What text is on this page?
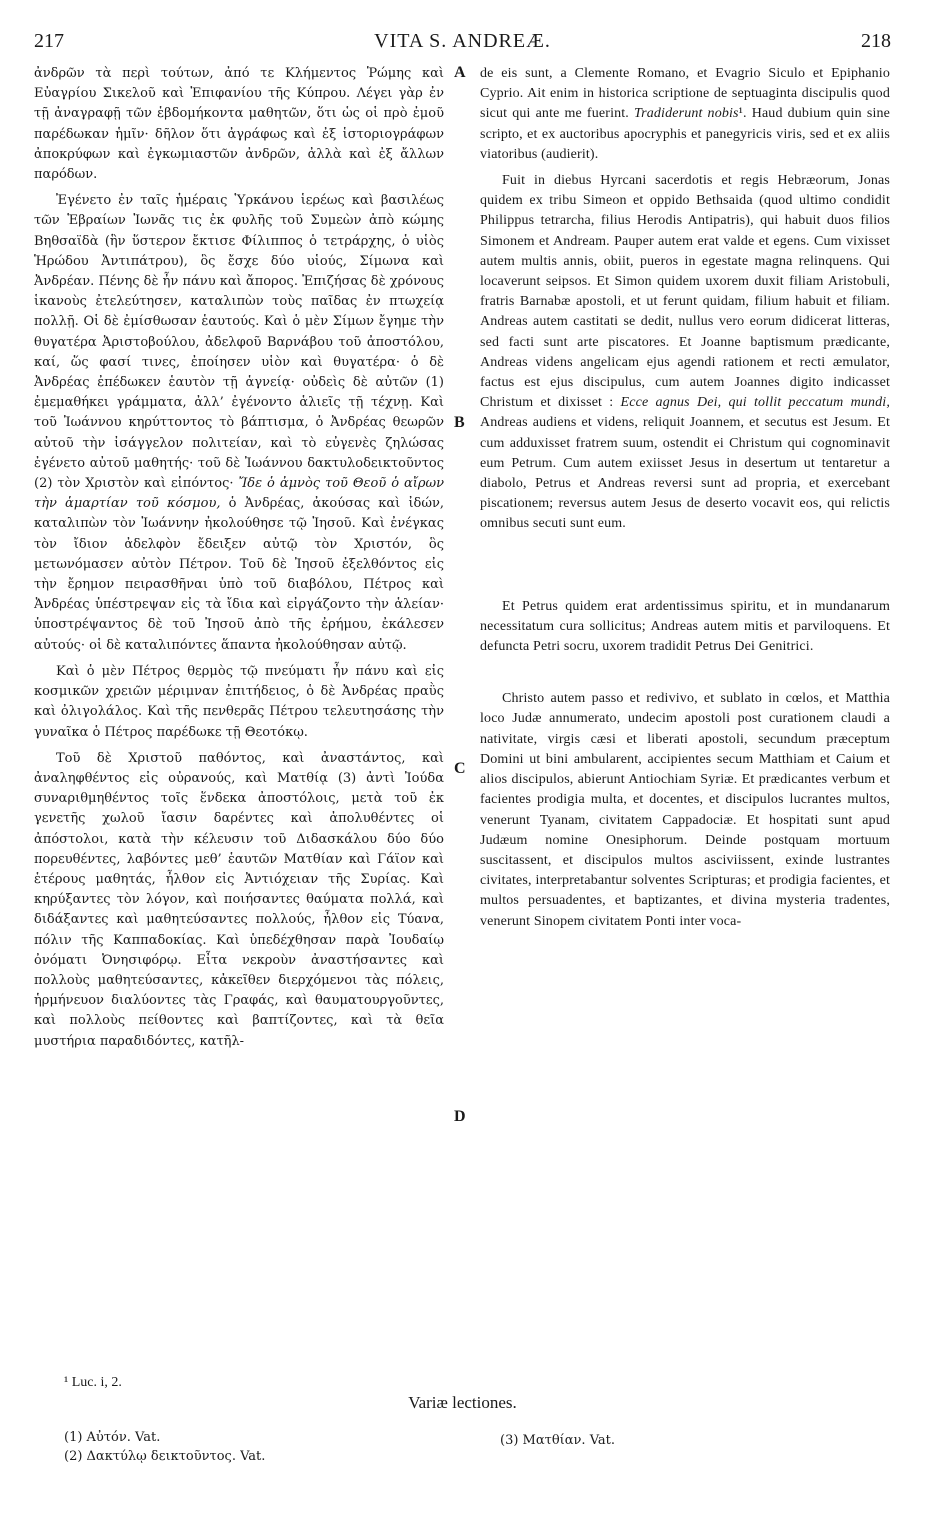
217	VITA S. ANDREÆ.	218

ἀνδρῶν τὰ περὶ τούτων, ἀπό τε Κλήμεντος Ῥώμης καὶ Εὐαγρίου Σικελοῦ καὶ Ἐπιφανίου τῆς Κύπρου. Λέγει γὰρ ἐν τῇ ἀναγραφῇ τῶν ἑβδομήκοντα μαθητῶν, ὅτι ὡς οἱ πρὸ ἐμοῦ παρέδωκαν ἡμῖν· δῆλον ὅτι ἀγράφως καὶ ἐξ ἱστοριογράφων ἀποκρύφων καὶ ἐγκωμιαστῶν ἀνδρῶν, ἀλλὰ καὶ ἐξ ἄλλων παρόδων.

Ἐγένετο ἐν ταῖς ἡμέραις Ὑρκάνου ἱερέως καὶ βασιλέως τῶν Ἑβραίων Ἰωνᾶς τις ἐκ φυλῆς τοῦ Συμεὼν ἀπὸ κώμης Βηθσαϊδὰ (ἣν ὕστερον ἔκτισε Φίλιππος ὁ τετράρχης, ὁ υἱὸς Ἡρώδου Ἀντιπάτρου), ὃς ἔσχε δύο υἱούς, Σίμωνα καὶ Ἀνδρέαν. Πένης δὲ ἦν πάνυ καὶ ἄπορος. Ἐπιζήσας δὲ χρόνους ἱκανοὺς ἐτελεύτησεν, καταλιπὼν τοὺς παῖδας ἐν πτωχείᾳ πολλῇ. Οἱ δὲ ἐμίσθωσαν ἑαυτούς. Καὶ ὁ μὲν Σίμων ἔγημε τὴν θυγατέρα Ἀριστοβούλου, ἀδελφοῦ Βαρνάβου τοῦ ἀποστόλου, καί, ὥς φασί τινες, ἐποίησεν υἱὸν καὶ θυγατέρα· ὁ δὲ Ἀνδρέας ἐπέδωκεν ἑαυτὸν τῇ ἁγνείᾳ· οὐδεὶς δὲ αὐτῶν (1) ἐμεμαθήκει γράμματα, ἀλλ’ ἐγένοντο ἁλιεῖς τῇ τέχνῃ. Καὶ τοῦ Ἰωάννου κηρύττοντος τὸ βάπτισμα, ὁ Ἀνδρέας θεωρῶν αὐτοῦ τὴν ἰσάγγελον πολιτείαν, καὶ τὸ εὐγενὲς ζηλώσας ἐγένετο αὐτοῦ μαθητής· τοῦ δὲ Ἰωάννου δακτυλοδεικτοῦντος (2) τὸν Χριστὸν καὶ εἰπόντος· Ἴδε ὁ ἀμνὸς τοῦ Θεοῦ ὁ αἴρων τὴν ἁμαρτίαν τοῦ κόσμου, ὁ Ἀνδρέας, ἀκούσας καὶ ἰδών, καταλιπὼν τὸν Ἰωάννην ἠκολούθησε τῷ Ἰησοῦ. Καὶ ἐνέγκας τὸν ἴδιον ἀδελφὸν ἔδειξεν αὐτῷ τὸν Χριστόν, ὃς μετωνόμασεν αὐτὸν Πέτρον. Τοῦ δὲ Ἰησοῦ ἐξελθόντος εἰς τὴν ἔρημον πειρασθῆναι ὑπὸ τοῦ διαβόλου, Πέτρος καὶ Ἀνδρέας ὑπέστρεψαν εἰς τὰ ἴδια καὶ εἰργάζοντο τὴν ἁλείαν· ὑποστρέψαντος δὲ τοῦ Ἰησοῦ ἀπὸ τῆς ἐρήμου, ἐκάλεσεν αὐτούς· οἱ δὲ καταλιπόντες ἅπαντα ἠκολούθησαν αὐτῷ.

Καὶ ὁ μὲν Πέτρος θερμὸς τῷ πνεύματι ἦν πάνυ καὶ εἰς κοσμικῶν χρειῶν μέριμναν ἐπιτήδειος, ὁ δὲ Ἀνδρέας πραῢς καὶ ὀλιγολάλος. Καὶ τῆς πενθερᾶς Πέτρου τελευτησάσης τὴν γυναῖκα ὁ Πέτρος παρέδωκε τῇ Θεοτόκῳ.

Τοῦ δὲ Χριστοῦ παθόντος, καὶ ἀναστάντος, καὶ ἀναληφθέντος εἰς οὐρανούς, καὶ Ματθίᾳ (3) ἀντὶ Ἰούδα συναριθμηθέντος τοῖς ἕνδεκα ἀποστόλοις, μετὰ τοῦ ἐκ γενετῆς χωλοῦ ἴασιν δαρέντες καὶ ἀπολυθέντες οἱ ἀπόστολοι, κατὰ τὴν κέλευσιν τοῦ Διδασκάλου δύο δύο πορευθέντες, λαβόντες μεθ’ ἑαυτῶν Ματθίαν καὶ Γάϊον καὶ ἑτέρους μαθητάς, ἦλθον εἰς Ἀντιόχειαν τῆς Συρίας. Καὶ κηρύξαντες τὸν λόγον, καὶ ποιήσαντες θαύματα πολλά, καὶ διδάξαντες καὶ μαθητεύσαντες πολλούς, ἦλθον εἰς Τύανα, πόλιν τῆς Καππαδοκίας. Καὶ ὑπεδέχθησαν παρὰ Ἰουδαίῳ ὀνόματι Ὀνησιφόρῳ. Εἶτα νεκροὺν ἀναστήσαντες καὶ πολλοὺς μαθητεύσαντες, κἀκεῖθεν διερχόμενοι τὰς πόλεις, ἡρμήνευον διαλύοντες τὰς Γραφάς, καὶ θαυματουργοῦντες, καὶ πολλοὺς πείθοντες καὶ βαπτίζοντες, καὶ τὰ θεῖα μυστήρια παραδιδόντες, κατῆλ-

A
B
C
D

de eis sunt, a Clemente Romano, et Evagrio Siculo et Epiphanio Cyprio. Ait enim in historica scriptione de septuaginta discipulis quod sicut qui ante me fuerint. Tradiderunt nobis¹. Haud dubium quin sine scripto, et ex auctoribus apocryphis et panegyricis viris, sed et ex aliis viatoribus (audierit).

Fuit in diebus Hyrcani sacerdotis et regis Hebræorum, Jonas quidem ex tribu Simeon et oppido Bethsaida (quod ultimo condidit Philippus tetrarcha, filius Herodis Antipatris), qui habuit duos filios Simonem et Andream. Pauper autem erat valde et egens. Cum vixisset autem multis annis, obiit, pueros in egestate magna relinquens. Qui locaverunt seipsos. Et Simon quidem uxorem duxit filiam Aristobuli, fratris Barnabæ apostoli, et ut ferunt quidam, filium habuit et filiam. Andreas autem castitati se dedit, nullus vero eorum didicerat litteras, sed facti sunt arte piscatores. Et Joanne baptismum prædicante, Andreas videns angelicam ejus agendi rationem et recti æmulator, factus est ejus discipulus, cum autem Joannes digito indicasset Christum et dixisset : Ecce agnus Dei, qui tollit peccatum mundi, Andreas audiens et videns, reliquit Joannem, et secutus est Jesum. Et cum adduxisset fratrem suum, ostendit ei Christum qui cognominavit eum Petrum. Cum autem exiisset Jesus in desertum ut tentaretur a diabolo, Petrus et Andreas reversi sunt ad propria, et exercebant piscationem; reversus autem Jesus de deserto vocavit eos, qui relictis omnibus secuti sunt eum.

Et Petrus quidem erat ardentissimus spiritu, et in mundanarum necessitatum cura sollicitus; Andreas autem mitis et parviloquens. Et defuncta Petri socru, uxorem tradidit Petrus Dei Genitrici.

Christo autem passo et redivivo, et sublato in cœlos, et Matthia loco Judæ annumerato, undecim apostoli post curationem claudi a nativitate, virgis cæsi et liberati apostoli, secundum præceptum Domini ut bini ambularent, accipientes secum Matthiam et Caium et alios discipulos, abierunt Antiochiam Syriæ. Et prædicantes verbum et facientes prodigia multa, et docentes, et discipulos lucrantes multos, venerunt Tyanam, civitatem Cappadociæ. Et hospitati sunt apud Judæum nomine Onesiphorum. Deinde postquam mortuum suscitassent, et discipulos multos asciviissent, exinde lustrantes civitates, interpretabantur solventes Scripturas; et prodigia facientes, et multos persuadentes, et baptizantes, et divina mysteria tradentes, venerunt Sinopem civitatem Ponti inter voca-

¹ Luc. i, 2.
Variæ lectiones.
(1) Αὐτόν. Vat.
(2) Δακτύλῳ δεικτοῦντος. Vat.
(3) Ματθίαν. Vat.
